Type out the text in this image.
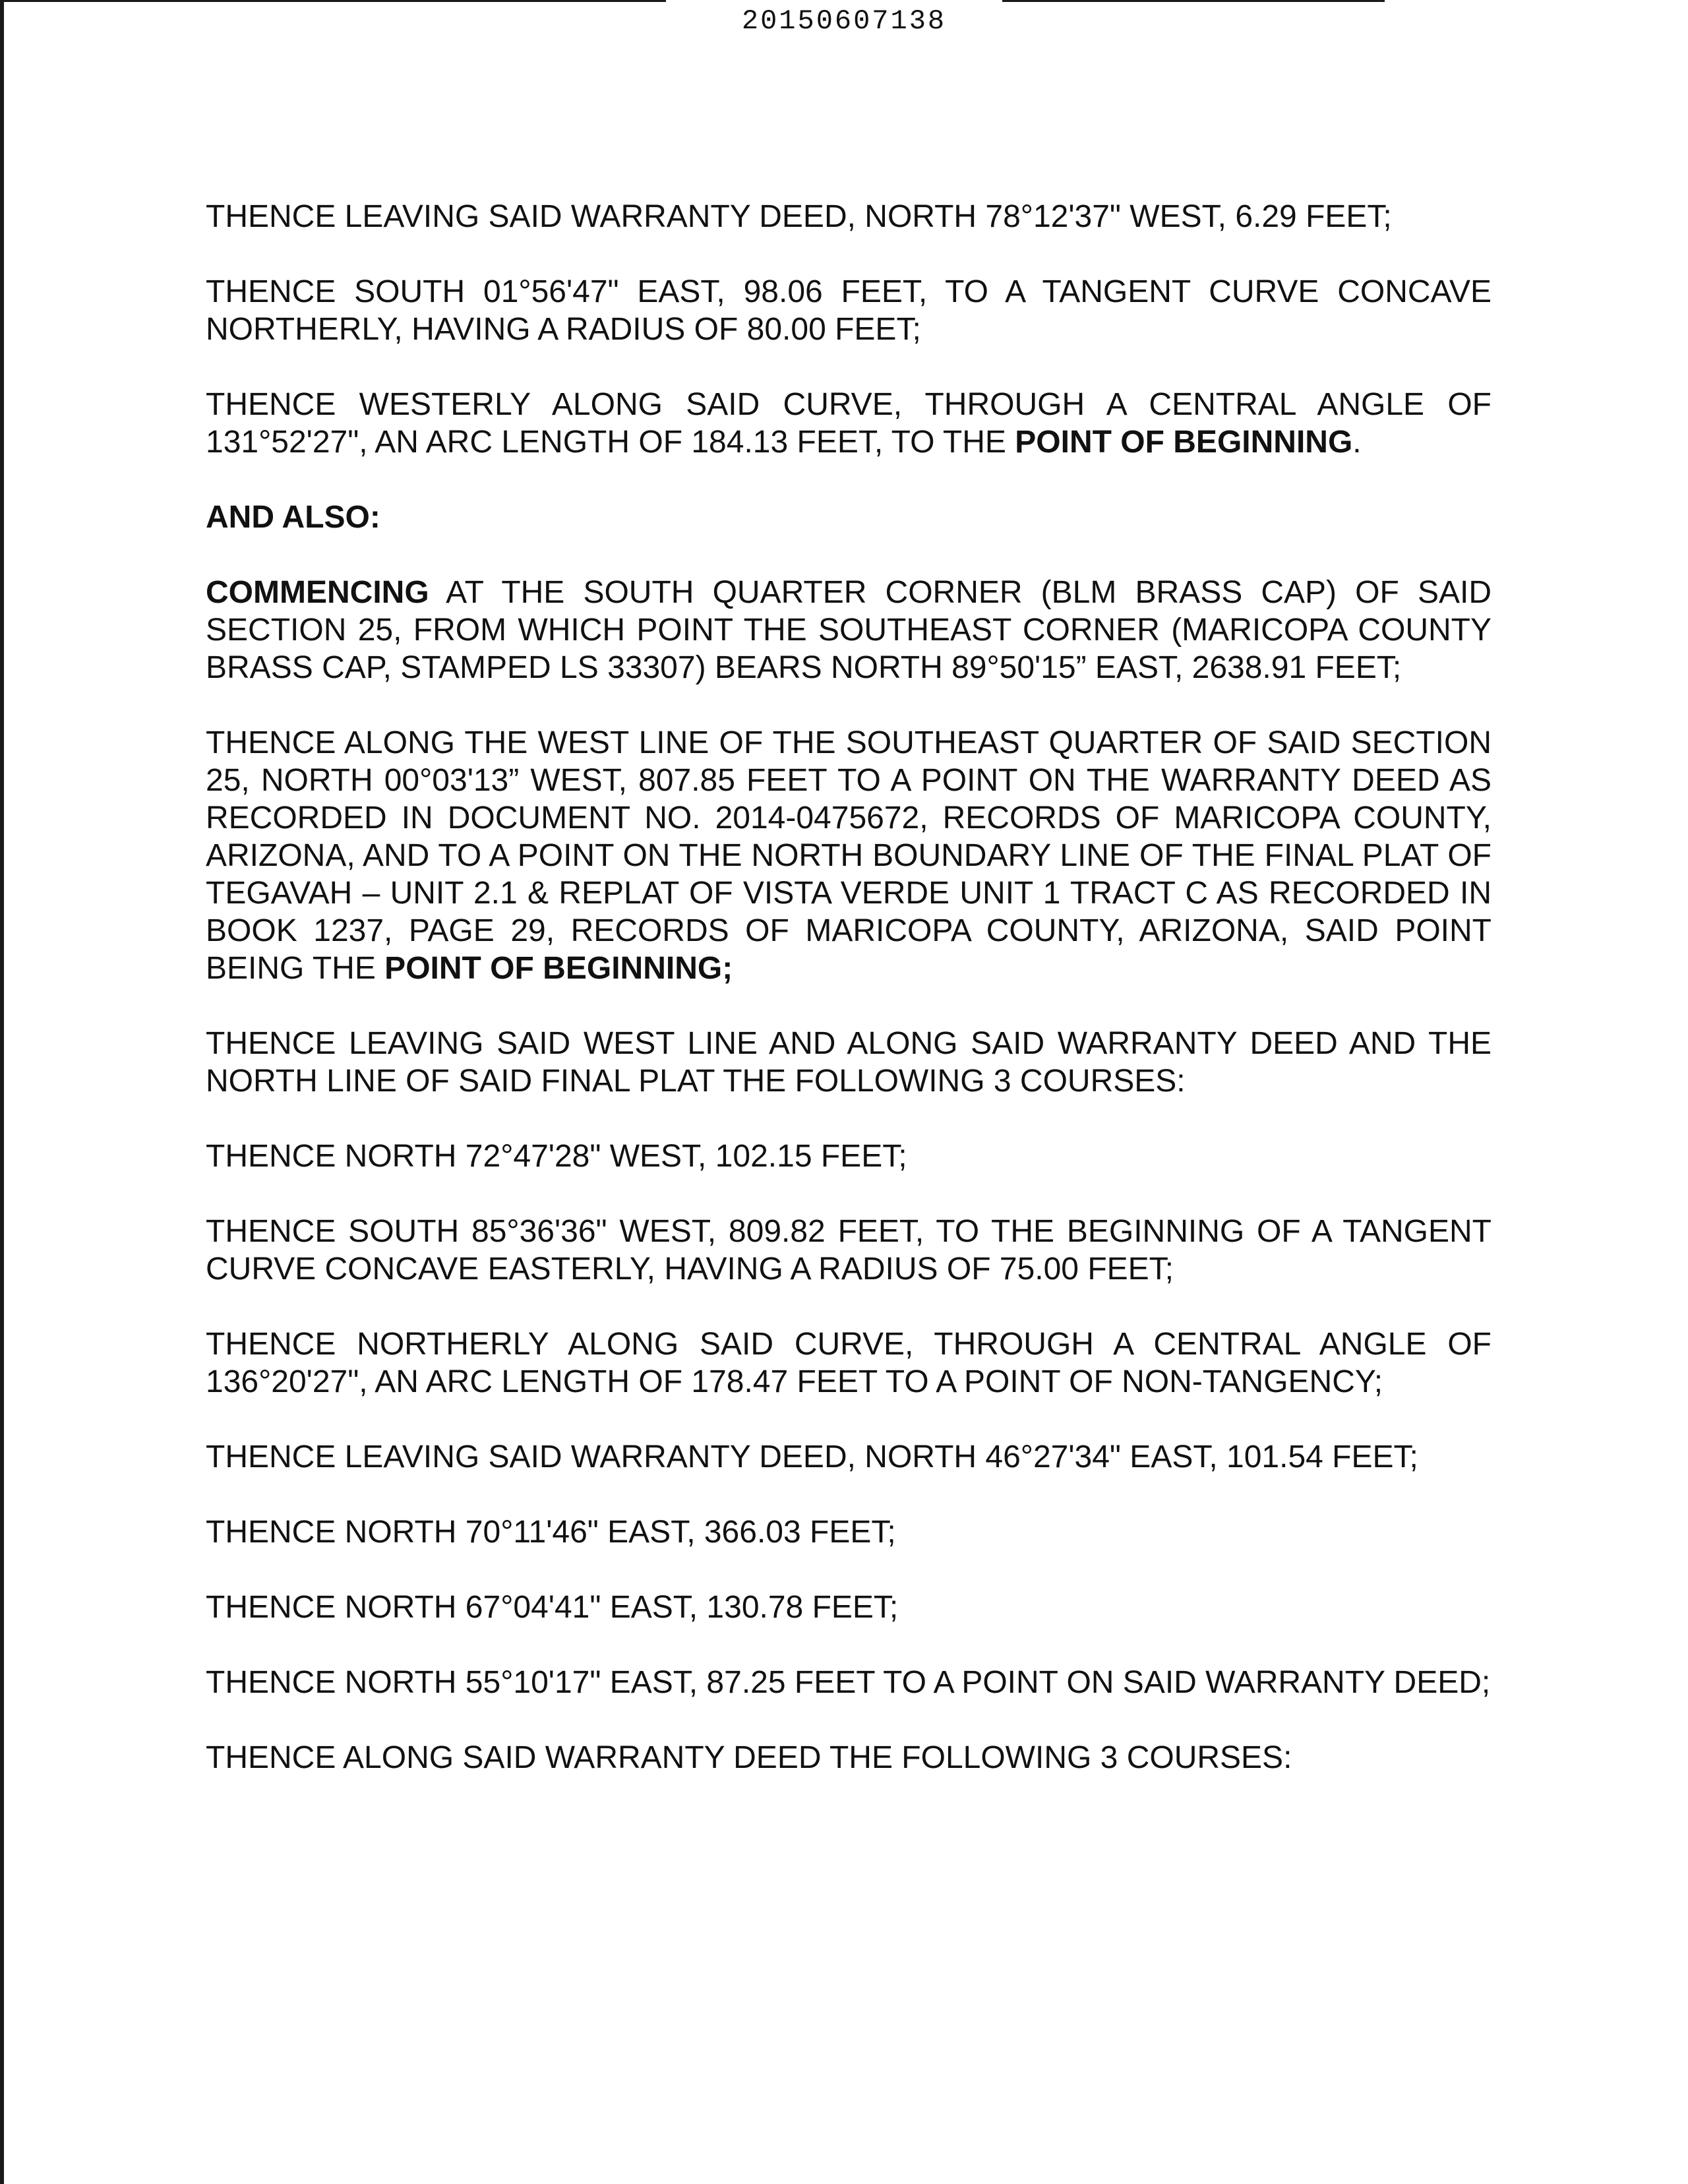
20150607138

THENCE LEAVING SAID WARRANTY DEED, NORTH 78°12'37" WEST, 6.29 FEET;

THENCE SOUTH 01°56'47" EAST, 98.06 FEET, TO A TANGENT CURVE CONCAVE NORTHERLY, HAVING A RADIUS OF 80.00 FEET;

THENCE WESTERLY ALONG SAID CURVE, THROUGH A CENTRAL ANGLE OF 131°52'27", AN ARC LENGTH OF 184.13 FEET, TO THE POINT OF BEGINNING.

AND ALSO:

COMMENCING AT THE SOUTH QUARTER CORNER (BLM BRASS CAP) OF SAID SECTION 25, FROM WHICH POINT THE SOUTHEAST CORNER (MARICOPA COUNTY BRASS CAP, STAMPED LS 33307) BEARS NORTH 89°50'15” EAST, 2638.91 FEET;

THENCE ALONG THE WEST LINE OF THE SOUTHEAST QUARTER OF SAID SECTION 25, NORTH 00°03'13” WEST, 807.85 FEET TO A POINT ON THE WARRANTY DEED AS RECORDED IN DOCUMENT NO. 2014-0475672, RECORDS OF MARICOPA COUNTY, ARIZONA, AND TO A POINT ON THE NORTH BOUNDARY LINE OF THE FINAL PLAT OF TEGAVAH – UNIT 2.1 & REPLAT OF VISTA VERDE UNIT 1 TRACT C AS RECORDED IN BOOK 1237, PAGE 29, RECORDS OF MARICOPA COUNTY, ARIZONA, SAID POINT BEING THE POINT OF BEGINNING;

THENCE LEAVING SAID WEST LINE AND ALONG SAID WARRANTY DEED AND THE NORTH LINE OF SAID FINAL PLAT THE FOLLOWING 3 COURSES:

THENCE NORTH 72°47'28" WEST, 102.15 FEET;

THENCE SOUTH 85°36'36" WEST, 809.82 FEET, TO THE BEGINNING OF A TANGENT CURVE CONCAVE EASTERLY, HAVING A RADIUS OF 75.00 FEET;

THENCE NORTHERLY ALONG SAID CURVE, THROUGH A CENTRAL ANGLE OF 136°20'27", AN ARC LENGTH OF 178.47 FEET TO A POINT OF NON-TANGENCY;

THENCE LEAVING SAID WARRANTY DEED, NORTH 46°27'34" EAST, 101.54 FEET;

THENCE NORTH 70°11'46" EAST, 366.03 FEET;

THENCE NORTH 67°04'41" EAST, 130.78 FEET;

THENCE NORTH 55°10'17" EAST, 87.25 FEET TO A POINT ON SAID WARRANTY DEED;

THENCE ALONG SAID WARRANTY DEED THE FOLLOWING 3 COURSES:
